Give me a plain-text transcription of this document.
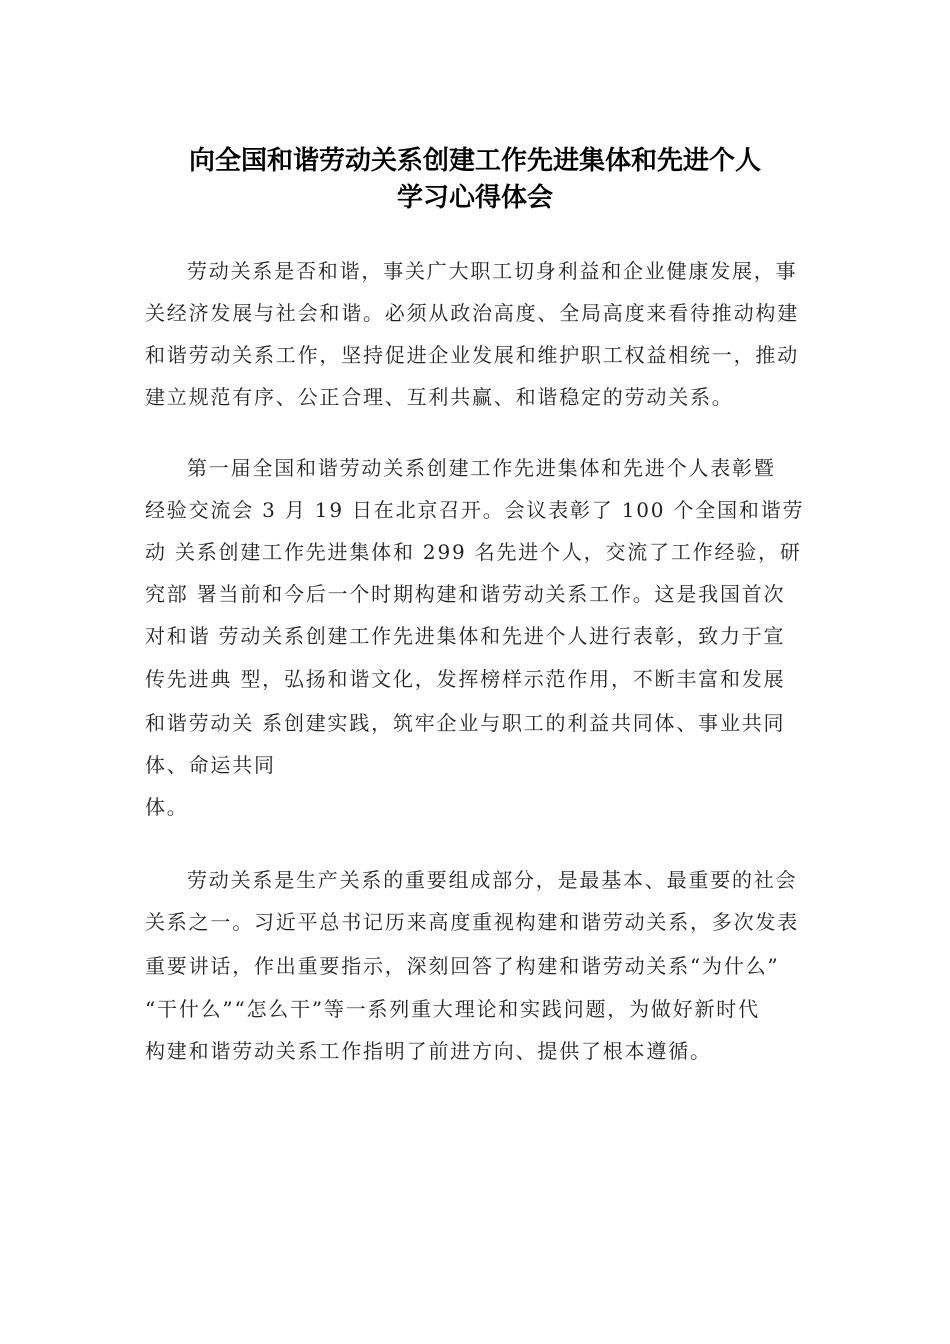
向全国和谐劳动关系创建工作先进集体和先进个人
学习心得体会
劳动关系是否和谐，事关广大职工切身利益和企业健康发展，事
关经济发展与社会和谐。必须从政治高度、全局高度来看待推动构建
和谐劳动关系工作，坚持促进企业发展和维护职工权益相统一，推动
建立规范有序、公正合理、互利共赢、和谐稳定的劳动关系。
第一届全国和谐劳动关系创建工作先进集体和先进个人表彰暨
经验交流会 3 月 19 日在北京召开。会议表彰了 100 个全国和谐劳
动 关系创建工作先进集体和 299 名先进个人，交流了工作经验，研
究部 署当前和今后一个时期构建和谐劳动关系工作。这是我国首次
对和谐 劳动关系创建工作先进集体和先进个人进行表彰，致力于宣
传先进典 型，弘扬和谐文化，发挥榜样示范作用，不断丰富和发展
和谐劳动关 系创建实践，筑牢企业与职工的利益共同体、事业共同
体、命运共同
体。
劳动关系是生产关系的重要组成部分，是最基本、最重要的社会
关系之一。习近平总书记历来高度重视构建和谐劳动关系，多次发表
重要讲话，作出重要指示，深刻回答了构建和谐劳动关系“为什么”
“干什么”“怎么干”等一系列重大理论和实践问题，为做好新时代
构建和谐劳动关系工作指明了前进方向、提供了根本遵循。
